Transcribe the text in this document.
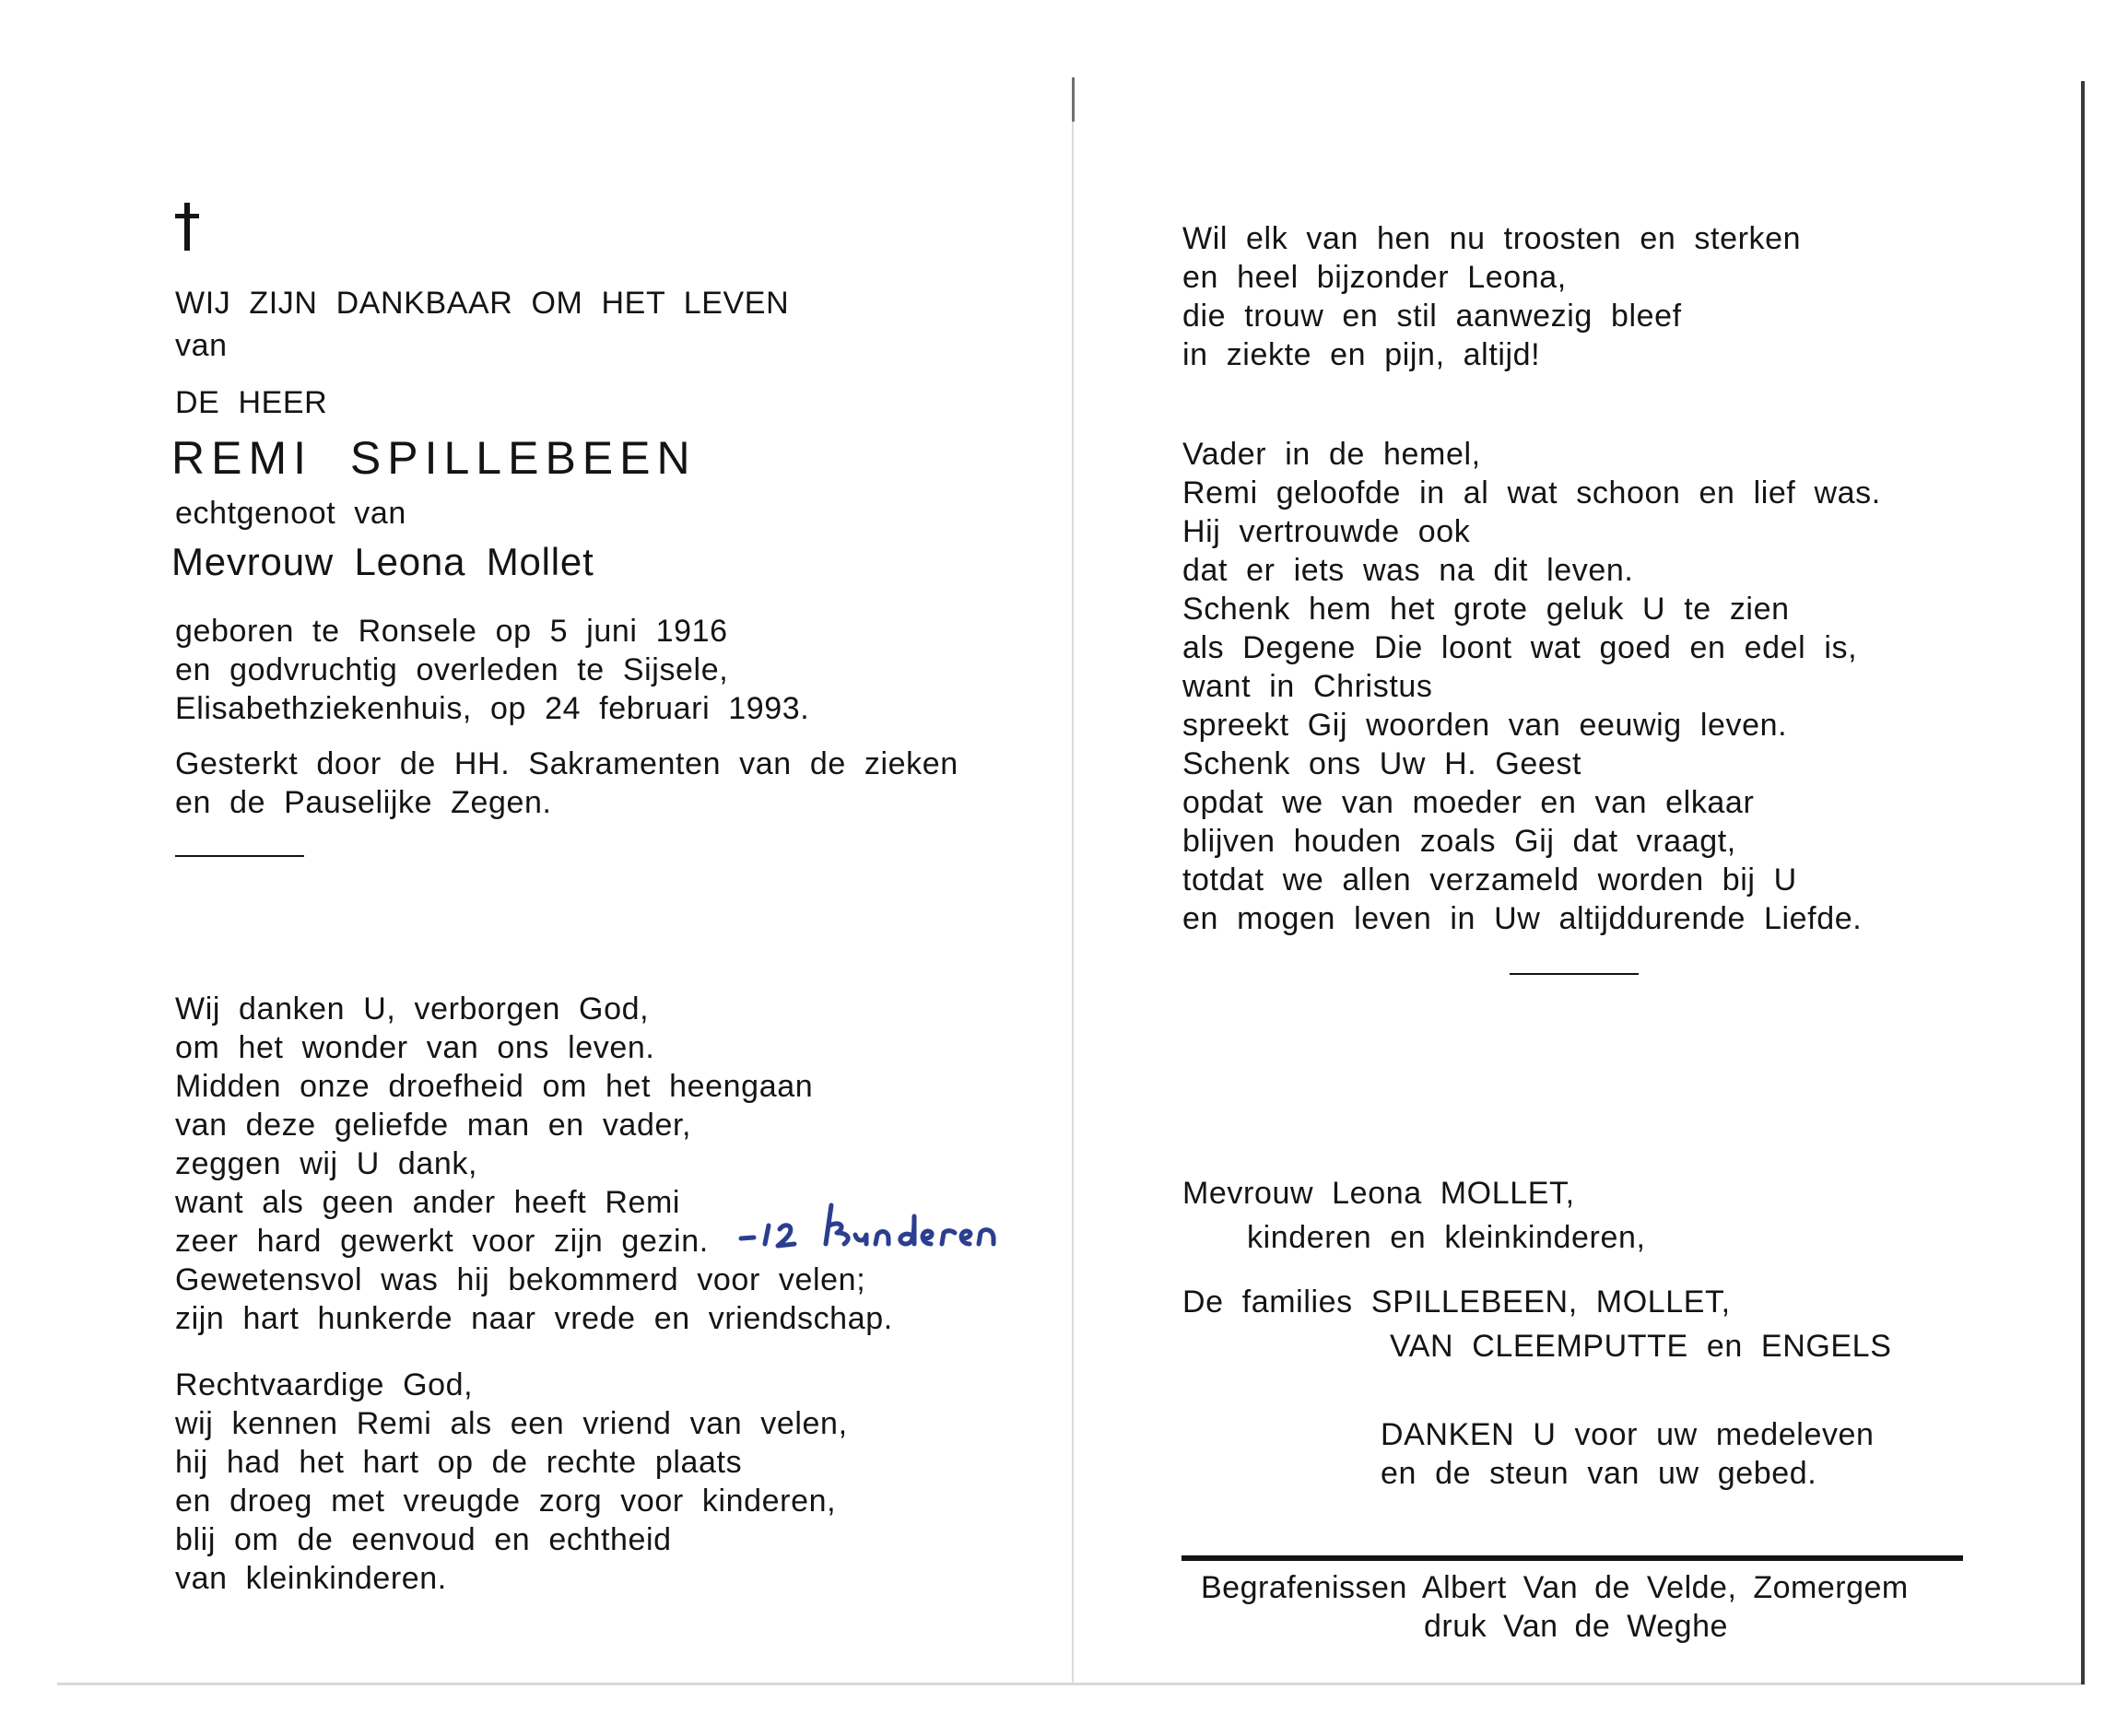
WIJ ZIJN DANKBAAR OM HET LEVEN
van
DE HEER
REMI SPILLEBEEN
echtgenoot van
Mevrouw Leona Mollet
geboren te Ronsele op 5 juni 1916
en godvruchtig overleden te Sijsele,
Elisabethziekenhuis, op 24 februari 1993.
Gesterkt door de HH. Sakramenten van de zieken
en de Pauselijke Zegen.
Wij danken U, verborgen God,
om het wonder van ons leven.
Midden onze droefheid om het heengaan
van deze geliefde man en vader,
zeggen wij U dank,
want als geen ander heeft Remi
zeer hard gewerkt voor zijn gezin.
Gewetensvol was hij bekommerd voor velen;
zijn hart hunkerde naar vrede en vriendschap.
Rechtvaardige God,
wij kennen Remi als een vriend van velen,
hij had het hart op de rechte plaats
en droeg met vreugde zorg voor kinderen,
blij om de eenvoud en echtheid
van kleinkinderen.
Wil elk van hen nu troosten en sterken
en heel bijzonder Leona,
die trouw en stil aanwezig bleef
in ziekte en pijn, altijd!
Vader in de hemel,
Remi geloofde in al wat schoon en lief was.
Hij vertrouwde ook
dat er iets was na dit leven.
Schenk hem het grote geluk U te zien
als Degene Die loont wat goed en edel is,
want in Christus
spreekt Gij woorden van eeuwig leven.
Schenk ons Uw H. Geest
opdat we van moeder en van elkaar
blijven houden zoals Gij dat vraagt,
totdat we allen verzameld worden bij U
en mogen leven in Uw altijddurende Liefde.
Mevrouw Leona MOLLET,
kinderen en kleinkinderen,
De families SPILLEBEEN, MOLLET,
VAN CLEEMPUTTE en ENGELS
DANKEN U voor uw medeleven
en de steun van uw gebed.
Begrafenissen Albert Van de Velde, Zomergem
druk Van de Weghe
